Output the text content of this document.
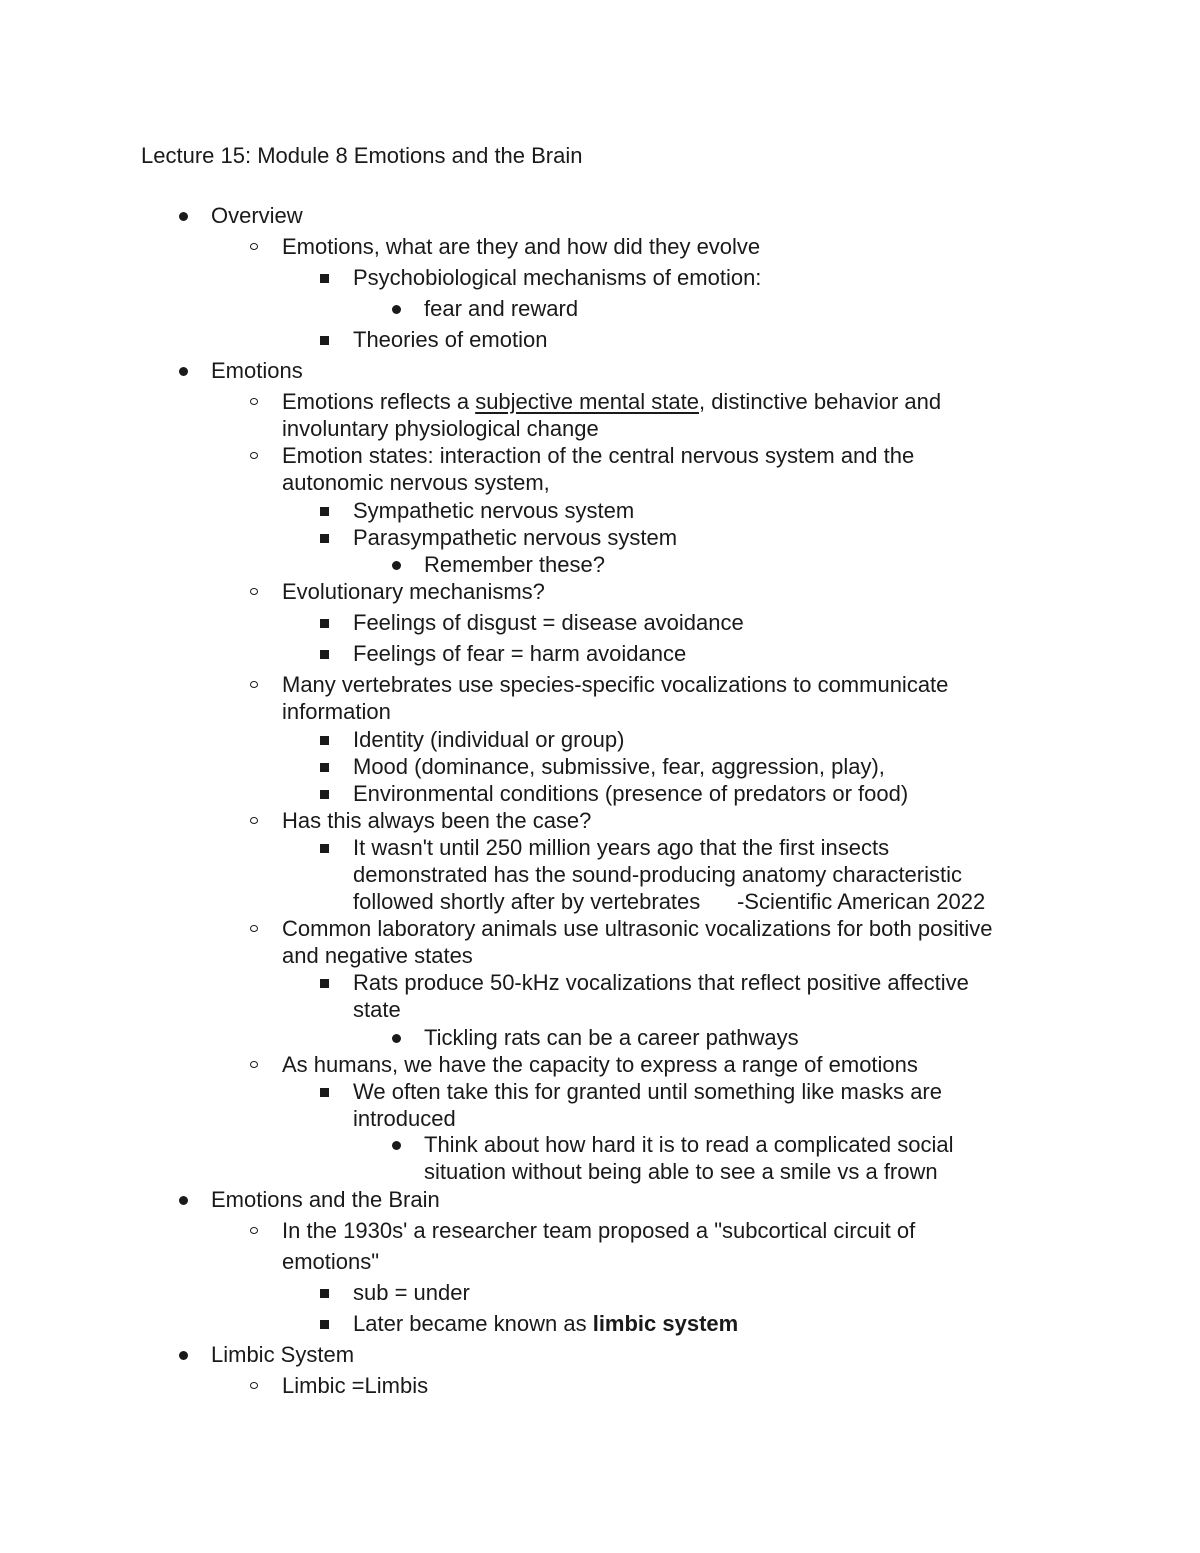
Lecture 15: Module 8 Emotions and the Brain
Overview
Emotions, what are they and how did they evolve
Psychobiological mechanisms of emotion:
fear and reward
Theories of emotion
Emotions
Emotions reflects a subjective mental state, distinctive behavior and
involuntary physiological change
Emotion states: interaction of the central nervous system and the
autonomic nervous system,
Sympathetic nervous system
Parasympathetic nervous system
Remember these?
Evolutionary mechanisms?
Feelings of disgust = disease avoidance
Feelings of fear = harm avoidance
Many vertebrates use species-specific vocalizations to communicate
information
Identity (individual or group)
Mood (dominance, submissive, fear, aggression, play),
Environmental conditions (presence of predators or food)
Has this always been the case?
It wasn't until 250 million years ago that the first insects
demonstrated has the sound-producing anatomy characteristic
followed shortly after by vertebrates      -Scientific American 2022
Common laboratory animals use ultrasonic vocalizations for both positive
and negative states
Rats produce 50-kHz vocalizations that reflect positive affective
state
Tickling rats can be a career pathways
As humans, we have the capacity to express a range of emotions
We often take this for granted until something like masks are
introduced
Think about how hard it is to read a complicated social
situation without being able to see a smile vs a frown
Emotions and the Brain
In the 1930s' a researcher team proposed a "subcortical circuit of
emotions"
sub = under
Later became known as limbic system
Limbic System
Limbic =Limbis
